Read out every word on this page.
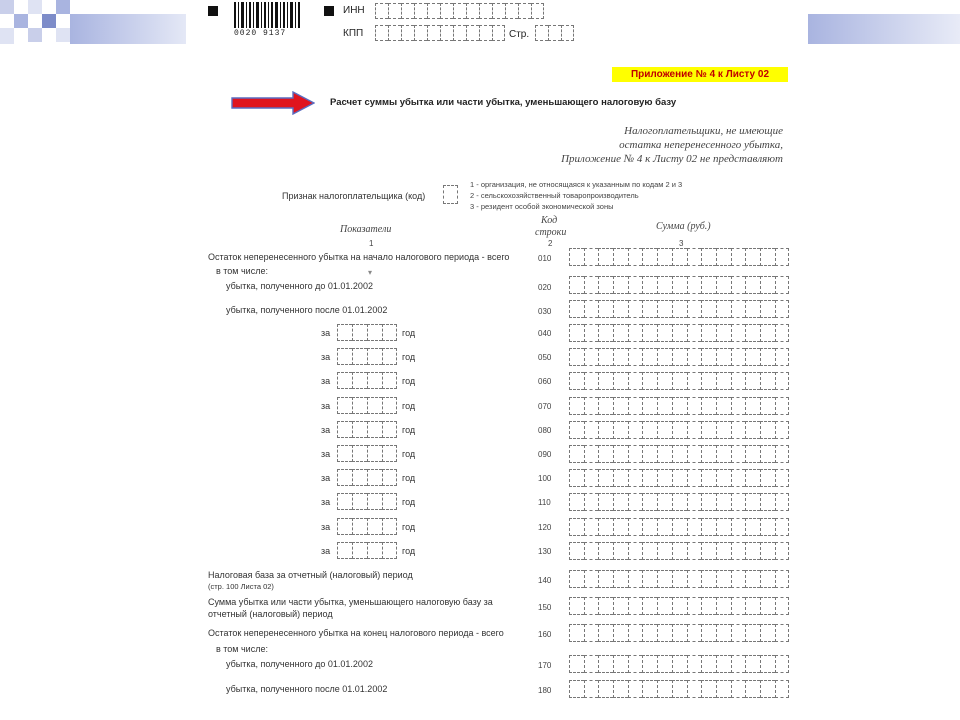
0020 9137
ИНН
КПП	Стр.
Приложение № 4 к Листу 02
Расчет суммы убытка или части убытка, уменьшающего налоговую базу
Налогоплательщики, не имеющие
остатка неперенесенного убытка,
Приложение № 4 к Листу 02 не представляют
Признак налогоплательщика (код)
1 - организация, не относящаяся к указанным по кодам 2 и 3
2 - сельскохозяйственный товаропроизводитель
3 - резидент особой экономической зоны
Показатели
Код
строки
Сумма (руб.)
1	2	3
Остаток неперенесенного убытка на начало налогового периода - всего	010
в том числе:
убытка, полученного до 01.01.2002	020
убытка, полученного после 01.01.2002	030
▾
за	год	040
за	год	050
за	год	060
за	год	070
за	год	080
за	год	090
за	год	100
за	год	110
за	год	120
за	год	130
Налоговая база за отчетный (налоговый) период
(стр. 100 Листа 02)
140
Сумма убытка или части убытка, уменьшающего налоговую базу за
отчетный (налоговый) период
150
Остаток неперенесенного убытка на конец налогового периода - всего	160
в том числе:
убытка, полученного до 01.01.2002	170
убытка, полученного после 01.01.2002	180
